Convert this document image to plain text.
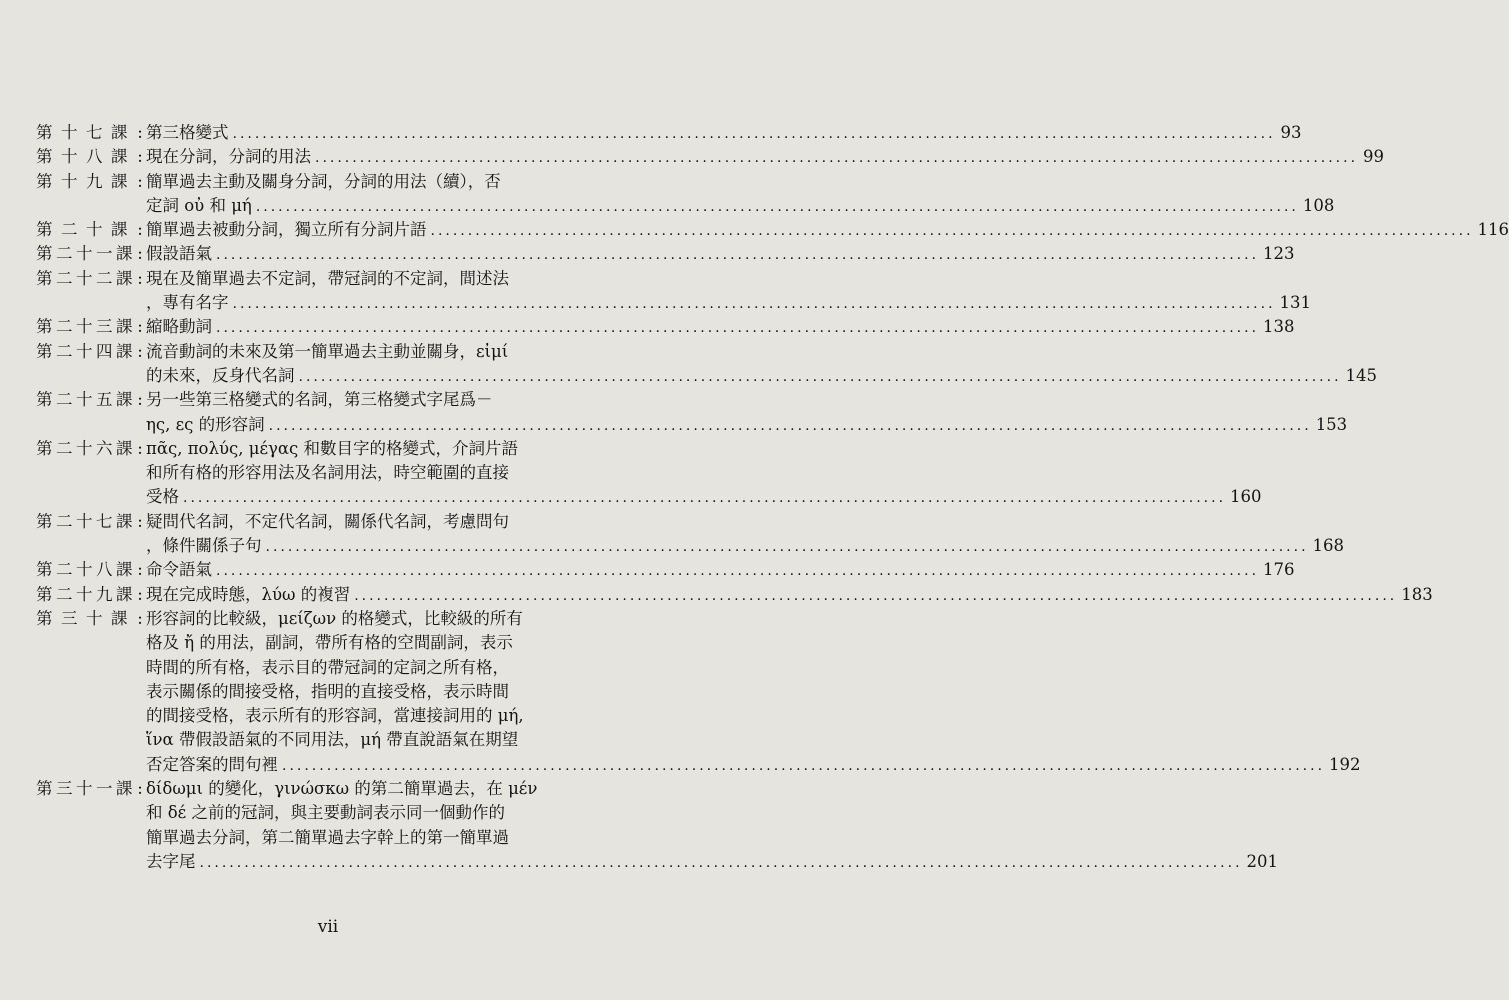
第 十 七 課 : 第三格變式 ............................................................................................................................................ 93
第 十 八 課 : 現在分詞，分詞的用法 ............................................................................................................................................ 99
第 十 九 課 : 簡單過去主動及關身分詞，分詞的用法（續），否
定詞 οὐ 和 μή ............................................................................................................................................ 108
第 二 十 課 : 簡單過去被動分詞，獨立所有分詞片語 ............................................................................................................................................ 116
第 二 十 一 課 : 假設語氣 ............................................................................................................................................ 123
第 二 十 二 課 : 現在及簡單過去不定詞，帶冠詞的不定詞，間述法
，專有名字 ............................................................................................................................................ 131
第 二 十 三 課 : 縮略動詞 ............................................................................................................................................ 138
第 二 十 四 課 : 流音動詞的未來及第一簡單過去主動並關身，εἰμί
的未來，反身代名詞 ............................................................................................................................................ 145
第 二 十 五 課 : 另一些第三格變式的名詞，第三格變式字尾爲－
ης, ες 的形容詞 ............................................................................................................................................ 153
第 二 十 六 課 : πᾶς, πολύς, μέγας 和數目字的格變式，介詞片語
和所有格的形容用法及名詞用法，時空範圍的直接
受格 ............................................................................................................................................ 160
第 二 十 七 課 : 疑問代名詞，不定代名詞，關係代名詞，考慮問句
，條件關係子句 ............................................................................................................................................ 168
第 二 十 八 課 : 命令語氣 ............................................................................................................................................ 176
第 二 十 九 課 : 現在完成時態，λύω 的複習 ............................................................................................................................................ 183
第 三 十 課 : 形容詞的比較級，μείζων 的格變式，比較級的所有
格及 ἤ 的用法，副詞，帶所有格的空間副詞，表示
時間的所有格，表示目的帶冠詞的定詞之所有格，
表示關係的間接受格，指明的直接受格，表示時間
的間接受格，表示所有的形容詞，當連接詞用的 μή,
ἵνα 帶假設語氣的不同用法，μή 帶直說語氣在期望
否定答案的問句裡 ............................................................................................................................................ 192
第 三 十 一 課 : δίδωμι 的變化，γινώσκω 的第二簡單過去，在 μέν
和 δέ 之前的冠詞，與主要動詞表示同一個動作的
簡單過去分詞，第二簡單過去字幹上的第一簡單過
去字尾 ............................................................................................................................................ 201
vii
